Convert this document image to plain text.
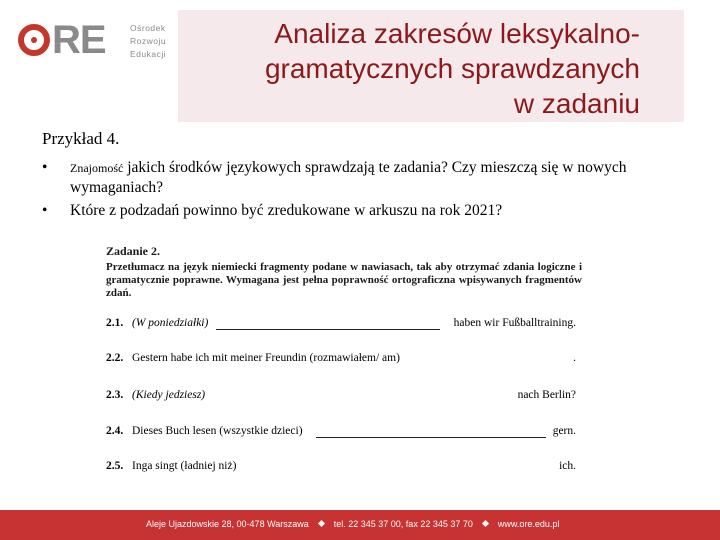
RE	Ośrodek
Rozwoju
Edukacji
Analiza zakresów leksykalno-
gramatycznych sprawdzanych
w zadaniu
Przykład 4.
• Znajomość jakich środków językowych sprawdzają te zadania? Czy mieszczą się w nowych wymaganiach?
• Które z podzadań powinno być zredukowane w arkuszu na rok 2021?
Zadanie 2.
Przetłumacz na język niemiecki fragmenty podane w nawiasach, tak aby otrzymać zdania logiczne i gramatycznie poprawne. Wymagana jest pełna poprawność ortograficzna wpisywanych fragmentów zdań.
2.1. (W poniedziałki)	haben wir Fußballtraining.
2.2. Gestern habe ich mit meiner Freundin (rozmawiałem/ am)	.
2.3. (Kiedy jedziesz)	nach Berlin?
2.4. Dieses Buch lesen (wszystkie dzieci)	gern.
2.5. Inga singt (ładniej niż)	ich.
Aleje Ujazdowskie 28, 00-478 Warszawa	tel. 22 345 37 00, fax 22 345 37 70	www.ore.edu.pl
